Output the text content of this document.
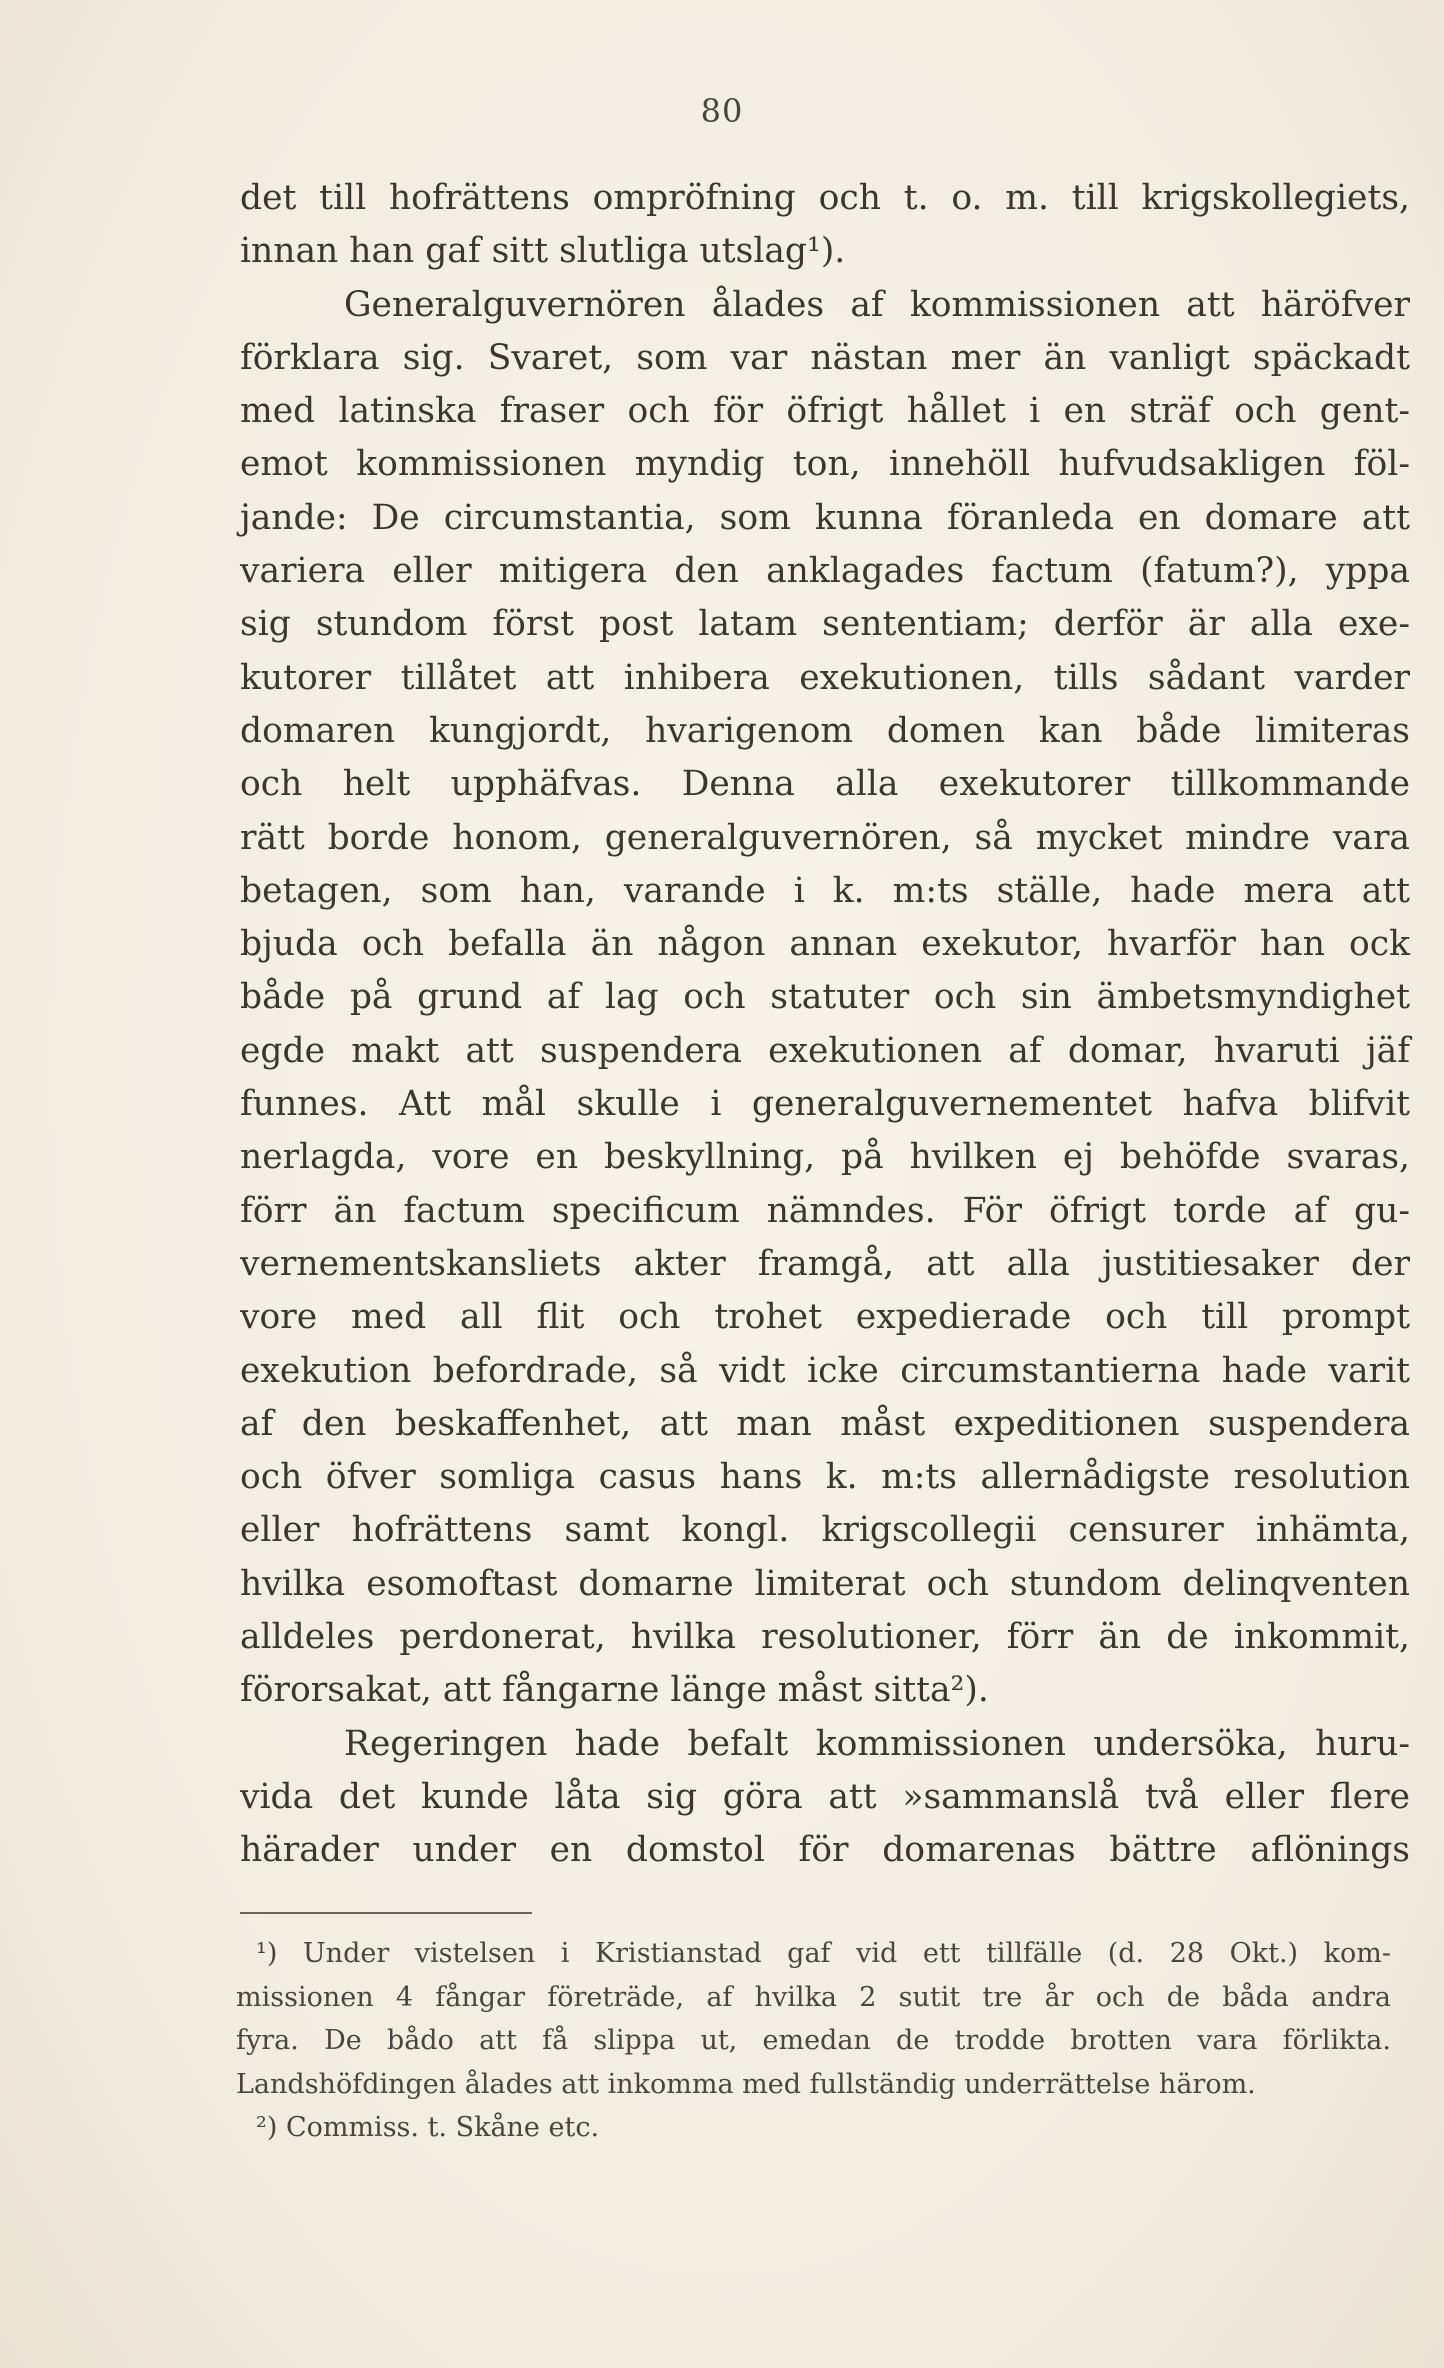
80
det till hofrättens ompröfning och t. o. m. till krigskollegiets,
innan han gaf sitt slutliga utslag¹).
Generalguvernören ålades af kommissionen att häröfver
förklara sig. Svaret, som var nästan mer än vanligt späckadt
med latinska fraser och för öfrigt hållet i en sträf och gent-
emot kommissionen myndig ton, innehöll hufvudsakligen föl-
jande: De circumstantia, som kunna föranleda en domare att
variera eller mitigera den anklagades factum (fatum?), yppa
sig stundom först post latam sententiam; derför är alla exe-
kutorer tillåtet att inhibera exekutionen, tills sådant varder
domaren kungjordt, hvarigenom domen kan både limiteras
och helt upphäfvas. Denna alla exekutorer tillkommande
rätt borde honom, generalguvernören, så mycket mindre vara
betagen, som han, varande i k. m:ts ställe, hade mera att
bjuda och befalla än någon annan exekutor, hvarför han ock
både på grund af lag och statuter och sin ämbetsmyndighet
egde makt att suspendera exekutionen af domar, hvaruti jäf
funnes. Att mål skulle i generalguvernementet hafva blifvit
nerlagda, vore en beskyllning, på hvilken ej behöfde svaras,
förr än factum specificum nämndes. För öfrigt torde af gu-
vernementskansliets akter framgå, att alla justitiesaker der
vore med all flit och trohet expedierade och till prompt
exekution befordrade, så vidt icke circumstantierna hade varit
af den beskaffenhet, att man måst expeditionen suspendera
och öfver somliga casus hans k. m:ts allernådigste resolution
eller hofrättens samt kongl. krigscollegii censurer inhämta,
hvilka esomoftast domarne limiterat och stundom delinqventen
alldeles perdonerat, hvilka resolutioner, förr än de inkommit,
förorsakat, att fångarne länge måst sitta²).
Regeringen hade befalt kommissionen undersöka, huru-
vida det kunde låta sig göra att »sammanslå två eller flere
härader under en domstol för domarenas bättre aflönings
¹) Under vistelsen i Kristianstad gaf vid ett tillfälle (d. 28 Okt.) kom-
missionen 4 fångar företräde, af hvilka 2 sutit tre år och de båda andra
fyra. De bådo att få slippa ut, emedan de trodde brotten vara förlikta.
Landshöfdingen ålades att inkomma med fullständig underrättelse härom.
²) Commiss. t. Skåne etc.
